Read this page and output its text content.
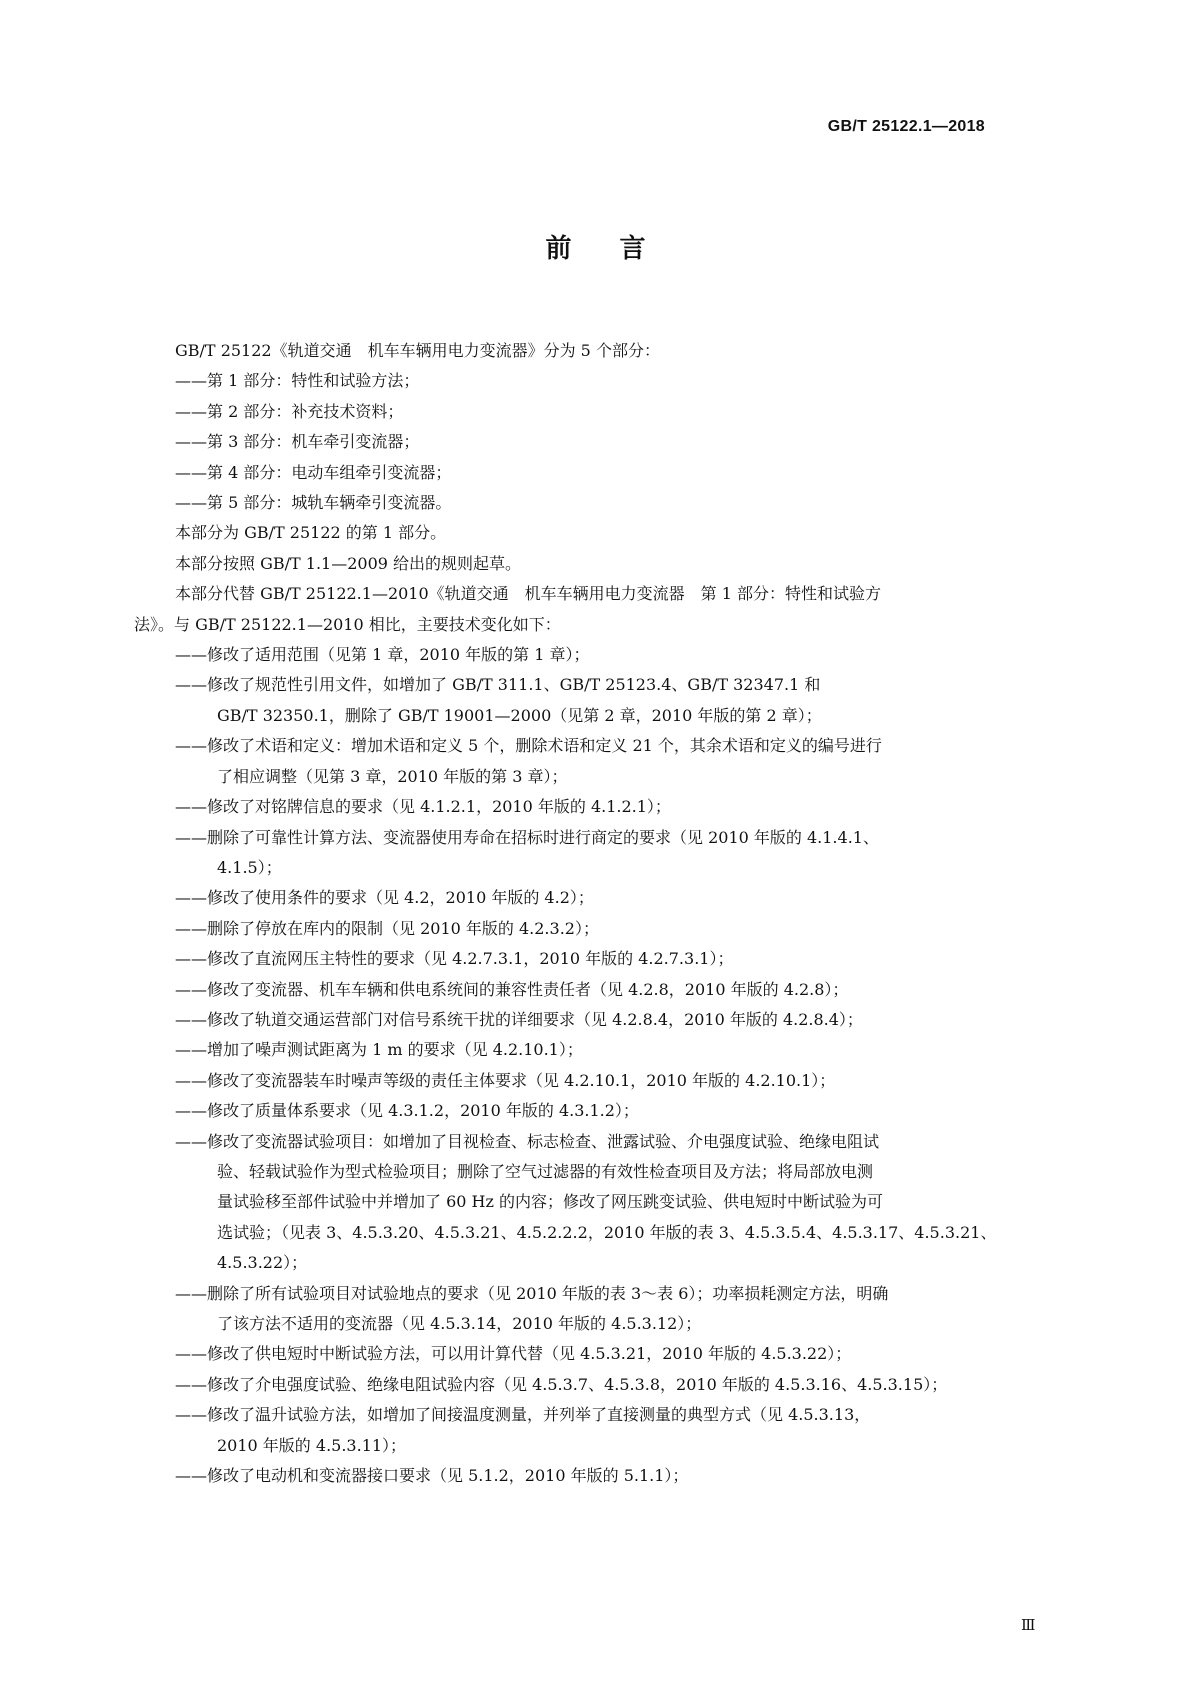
GB/T 25122.1—2018
前言
GB/T 25122《轨道交通　机车车辆用电力变流器》分为 5 个部分：
——第 1 部分：特性和试验方法；
——第 2 部分：补充技术资料；
——第 3 部分：机车牵引变流器；
——第 4 部分：电动车组牵引变流器；
——第 5 部分：城轨车辆牵引变流器。
本部分为 GB/T 25122 的第 1 部分。
本部分按照 GB/T 1.1—2009 给出的规则起草。
本部分代替 GB/T 25122.1—2010《轨道交通　机车车辆用电力变流器　第 1 部分：特性和试验方
法》。与 GB/T 25122.1—2010 相比，主要技术变化如下：
——修改了适用范围（见第 1 章，2010 年版的第 1 章）；
——修改了规范性引用文件，如增加了 GB/T 311.1、GB/T 25123.4、GB/T 32347.1 和
GB/T 32350.1，删除了 GB/T 19001—2000（见第 2 章，2010 年版的第 2 章）；
——修改了术语和定义：增加术语和定义 5 个，删除术语和定义 21 个，其余术语和定义的编号进行
了相应调整（见第 3 章，2010 年版的第 3 章）；
——修改了对铭牌信息的要求（见 4.1.2.1，2010 年版的 4.1.2.1）；
——删除了可靠性计算方法、变流器使用寿命在招标时进行商定的要求（见 2010 年版的 4.1.4.1、
4.1.5）；
——修改了使用条件的要求（见 4.2，2010 年版的 4.2）；
——删除了停放在库内的限制（见 2010 年版的 4.2.3.2）；
——修改了直流网压主特性的要求（见 4.2.7.3.1，2010 年版的 4.2.7.3.1）；
——修改了变流器、机车车辆和供电系统间的兼容性责任者（见 4.2.8，2010 年版的 4.2.8）；
——修改了轨道交通运营部门对信号系统干扰的详细要求（见 4.2.8.4，2010 年版的 4.2.8.4）；
——增加了噪声测试距离为 1 m 的要求（见 4.2.10.1）；
——修改了变流器装车时噪声等级的责任主体要求（见 4.2.10.1，2010 年版的 4.2.10.1）；
——修改了质量体系要求（见 4.3.1.2，2010 年版的 4.3.1.2）；
——修改了变流器试验项目：如增加了目视检查、标志检查、泄露试验、介电强度试验、绝缘电阻试
验、轻载试验作为型式检验项目；删除了空气过滤器的有效性检查项目及方法；将局部放电测
量试验移至部件试验中并增加了 60 Hz 的内容；修改了网压跳变试验、供电短时中断试验为可
选试验；（见表 3、4.5.3.20、4.5.3.21、4.5.2.2.2，2010 年版的表 3、4.5.3.5.4、4.5.3.17、4.5.3.21、
4.5.3.22）；
——删除了所有试验项目对试验地点的要求（见 2010 年版的表 3～表 6）；功率损耗测定方法，明确
了该方法不适用的变流器（见 4.5.3.14，2010 年版的 4.5.3.12）；
——修改了供电短时中断试验方法，可以用计算代替（见 4.5.3.21，2010 年版的 4.5.3.22）；
——修改了介电强度试验、绝缘电阻试验内容（见 4.5.3.7、4.5.3.8，2010 年版的 4.5.3.16、4.5.3.15）；
——修改了温升试验方法，如增加了间接温度测量，并列举了直接测量的典型方式（见 4.5.3.13，
2010 年版的 4.5.3.11）；
——修改了电动机和变流器接口要求（见 5.1.2，2010 年版的 5.1.1）；
Ⅲ
